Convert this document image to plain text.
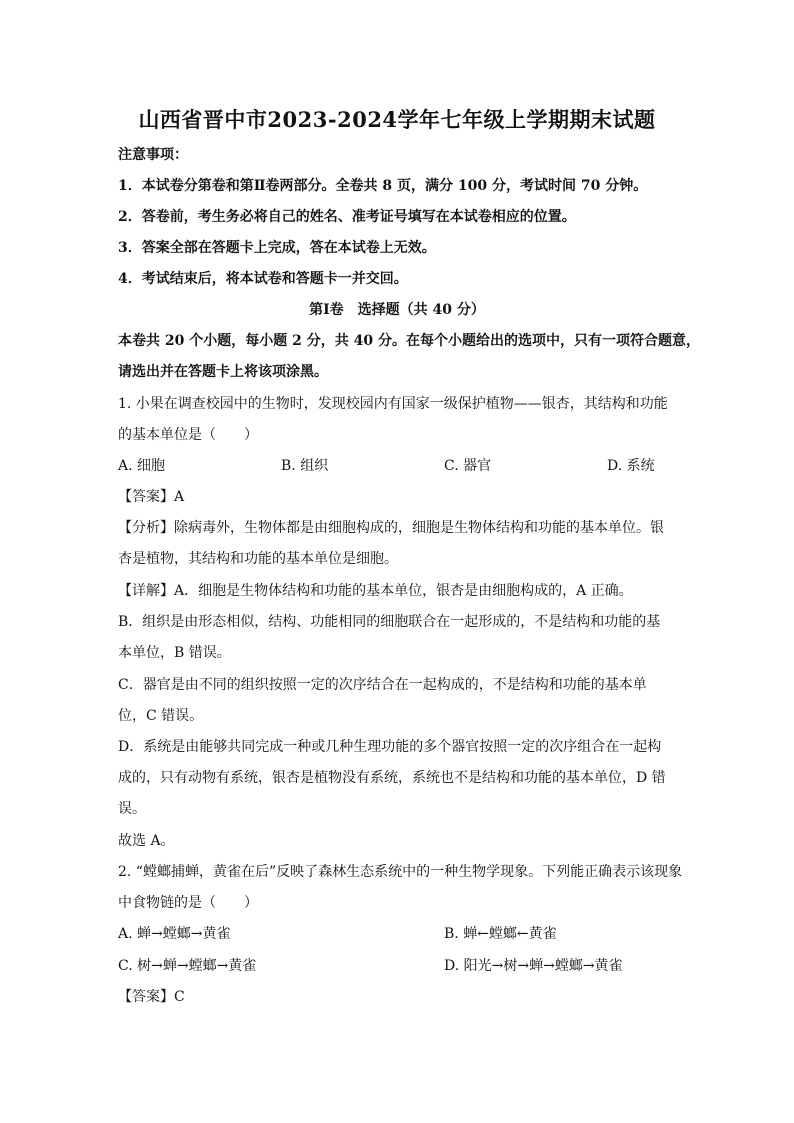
山西省晋中市2023-2024学年七年级上学期期末试题
注意事项：
1．本试卷分第卷和第Ⅱ卷两部分。全卷共 8 页，满分 100 分，考试时间 70 分钟。
2．答卷前，考生务必将自己的姓名、准考证号填写在本试卷相应的位置。
3．答案全部在答题卡上完成，答在本试卷上无效。
4．考试结束后，将本试卷和答题卡一并交回。
第Ⅰ卷　选择题（共 40 分）
本卷共 20 个小题，每小题 2 分，共 40 分。在每个小题给出的选项中，只有一项符合题意，
请选出并在答题卡上将该项涂黑。
1. 小果在调查校园中的生物时，发现校园内有国家一级保护植物——银杏，其结构和功能
的基本单位是（　　）
A. 细胞	B. 组织	C. 器官	D. 系统
【答案】A
【分析】除病毒外，生物体都是由细胞构成的，细胞是生物体结构和功能的基本单位。银
杏是植物，其结构和功能的基本单位是细胞。
【详解】A．细胞是生物体结构和功能的基本单位，银杏是由细胞构成的，A 正确。
B．组织是由形态相似，结构、功能相同的细胞联合在一起形成的，不是结构和功能的基
本单位，B 错误。
C．器官是由不同的组织按照一定的次序结合在一起构成的，不是结构和功能的基本单
位，C 错误。
D．系统是由能够共同完成一种或几种生理功能的多个器官按照一定的次序组合在一起构
成的，只有动物有系统，银杏是植物没有系统，系统也不是结构和功能的基本单位，D 错
误。
故选 A。
2. “螳螂捕蝉，黄雀在后”反映了森林生态系统中的一种生物学现象。下列能正确表示该现象
中食物链的是（　　）
A. 蝉→螳螂→黄雀	B. 蝉←螳螂←黄雀
C. 树→蝉→螳螂→黄雀	D. 阳光→树→蝉→螳螂→黄雀
【答案】C
